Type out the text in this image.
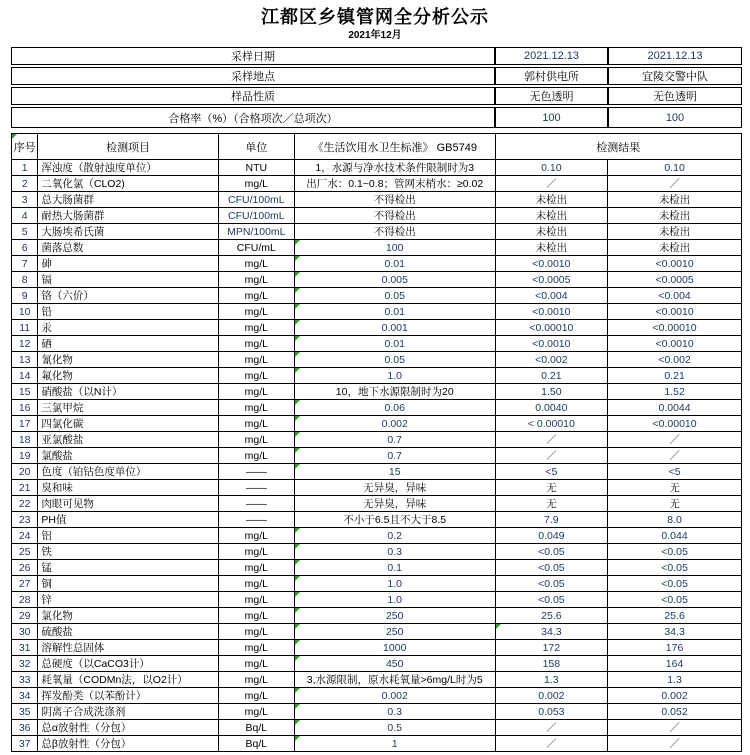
江都区乡镇管网全分析公示
2021年12月
采样日期	2021.12.13	2021.12.13
采样地点	郭村供电所	宜陵交警中队
样品性质	无色透明	无色透明
合格率（%）（合格项次／总项次）	100	100
序号	检测项目	单位	《生活饮用水卫生标准》 GB5749	检测结果	
1	浑浊度（散射浊度单位）	NTU	1，水源与净水技术条件限制时为3	0.10	0.10
2	二氧化氯（CLO2)	mg/L	出厂水：0.1~0.8；管网末梢水：≥0.02	／	／
3	总大肠菌群	CFU/100mL	不得检出	未检出	未检出
4	耐热大肠菌群	CFU/100mL	不得检出	未检出	未检出
5	大肠埃希氏菌	MPN/100mL	不得检出	未检出	未检出
6	菌落总数	CFU/mL	100	未检出	未检出
7	砷	mg/L	0.01	<0.0010	<0.0010
8	镉	mg/L	0.005	<0.0005	<0.0005
9	铬（六价）	mg/L	0.05	<0.004	<0.004
10	铅	mg/L	0.01	<0.0010	<0.0010
11	汞	mg/L	0.001	<0.00010	<0.00010
12	硒	mg/L	0.01	<0.0010	<0.0010
13	氰化物	mg/L	0.05	<0.002	<0.002
14	氟化物	mg/L	1.0	0.21	0.21
15	硝酸盐（以N计）	mg/L	10，地下水源限制时为20	1.50	1.52
16	三氯甲烷	mg/L	0.06	0.0040	0.0044
17	四氯化碳	mg/L	0.002	< 0.00010	<0.00010
18	亚氯酸盐	mg/L	0.7	／	／
19	氯酸盐	mg/L	0.7	／	／
20	色度（铂钴色度单位）	——	15	<5	<5
21	臭和味	——	无异臭，异味	无	无
22	肉眼可见物	——	无异臭，异味	无	无
23	PH值	——	不小于6.5且不大于8.5	7.9	8.0
24	铝	mg/L	0.2	0.049	0.044
25	铁	mg/L	0.3	<0.05	<0.05
26	锰	mg/L	0.1	<0.05	<0.05
27	铜	mg/L	1.0	<0.05	<0.05
28	锌	mg/L	1.0	<0.05	<0.05
29	氯化物	mg/L	250	25.6	25.6
30	硫酸盐	mg/L	250	34.3	34.3
31	溶解性总固体	mg/L	1000	172	176
32	总硬度（以CaCO3计）	mg/L	450	158	164
33	耗氧量（CODMn法，以O2计）	mg/L	3,水源限制，原水耗氧量>6mg/L时为5	1.3	1.3
34	挥发酚类（以苯酚计）	mg/L	0.002	0.002	0.002
35	阴离子合成洗涤剂	mg/L	0.3	0.053	0.052
36	总α放射性（分包）	Bq/L	0.5	／	／
37	总β放射性（分包）	Bq/L	1	／	／
